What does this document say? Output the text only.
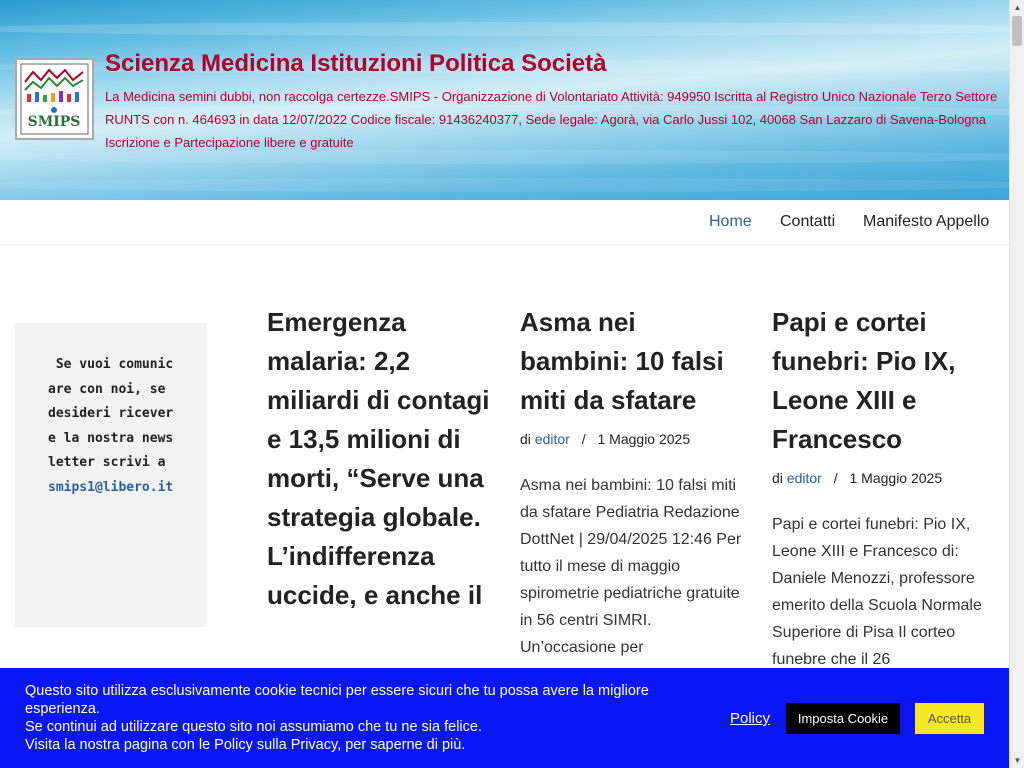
SMIPS
Scienza Medicina Istituzioni Politica Società

La Medicina semini dubbi, non raccolga certezze.SMIPS - Organizzazione di Volontariato Attività: 949950 Iscritta al Registro Unico Nazionale Terzo Settore RUNTS con n. 464693 in data 12/07/2022 Codice fiscale: 91436240377, Sede legale: Agorà, via Carlo Jussi 102, 40068 San Lazzaro di Savena-Bologna Iscrizione e Partecipazione libere e gratuite

Home Contatti Manifesto Appello

Se vuoi comunicare con noi, se desideri ricevere la nostra newsletter scrivi a smips1@libero.it

Emergenza malaria: 2,2 miliardi di contagi e 13,5 milioni di morti, “Serve una strategia globale. L’indifferenza uccide, e anche il
Asma nei bambini: 10 falsi miti da sfatare
di editor / 1 Maggio 2025
Asma nei bambini: 10 falsi miti da sfatare Pediatria Redazione DottNet | 29/04/2025 12:46 Per tutto il mese di maggio spirometrie pediatriche gratuite in 56 centri SIMRI. Un’occasione per
Papi e cortei funebri: Pio IX, Leone XIII e Francesco
di editor / 1 Maggio 2025
Papi e cortei funebri: Pio IX, Leone XIII e Francesco di: Daniele Menozzi, professore emerito della Scuola Normale Superiore di Pisa Il corteo funebre che il 26
Questo sito utilizza esclusivamente cookie tecnici per essere sicuri che tu possa avere la migliore esperienza.
Se continui ad utilizzare questo sito noi assumiamo che tu ne sia felice.
Visita la nostra pagina con le Policy sulla Privacy, per saperne di più.
Policy	Imposta Cookie	Accetta
▲
▼
